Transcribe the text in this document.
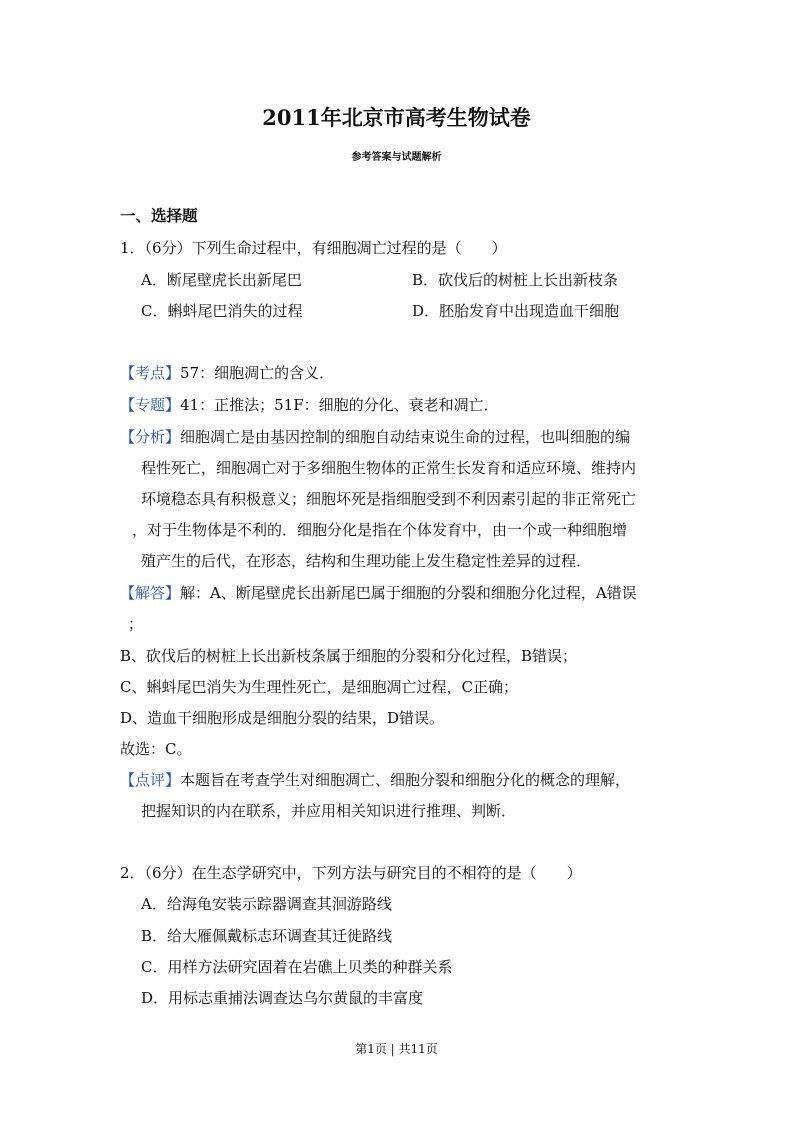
2011年北京市高考生物试卷
参考答案与试题解析
一、选择题
1．（6分）下列生命过程中，有细胞凋亡过程的是（　　）
A．断尾壁虎长出新尾巴	B．砍伐后的树桩上长出新枝条
C．蝌蚪尾巴消失的过程	D．胚胎发育中出现造血干细胞
【考点】57：细胞凋亡的含义．
【专题】41：正推法；51F：细胞的分化、衰老和凋亡．
【分析】细胞凋亡是由基因控制的细胞自动结束说生命的过程，也叫细胞的编
程性死亡，细胞凋亡对于多细胞生物体的正常生长发育和适应环境、维持内
环境稳态具有积极意义；细胞坏死是指细胞受到不利因素引起的非正常死亡
，对于生物体是不利的．细胞分化是指在个体发育中，由一个或一种细胞增
殖产生的后代，在形态，结构和生理功能上发生稳定性差异的过程．
【解答】解：A、断尾壁虎长出新尾巴属于细胞的分裂和细胞分化过程，A错误
；
B、砍伐后的树桩上长出新枝条属于细胞的分裂和分化过程，B错误；
C、蝌蚪尾巴消失为生理性死亡，是细胞凋亡过程，C正确；
D、造血干细胞形成是细胞分裂的结果，D错误。
故选：C。
【点评】本题旨在考查学生对细胞凋亡、细胞分裂和细胞分化的概念的理解，
把握知识的内在联系，并应用相关知识进行推理、判断．
2．（6分）在生态学研究中，下列方法与研究目的不相符的是（　　）
A．给海龟安装示踪器调查其洄游路线
B．给大雁佩戴标志环调查其迁徙路线
C．用样方法研究固着在岩礁上贝类的种群关系
D．用标志重捕法调查达乌尔黄鼠的丰富度
第1页 | 共11页
